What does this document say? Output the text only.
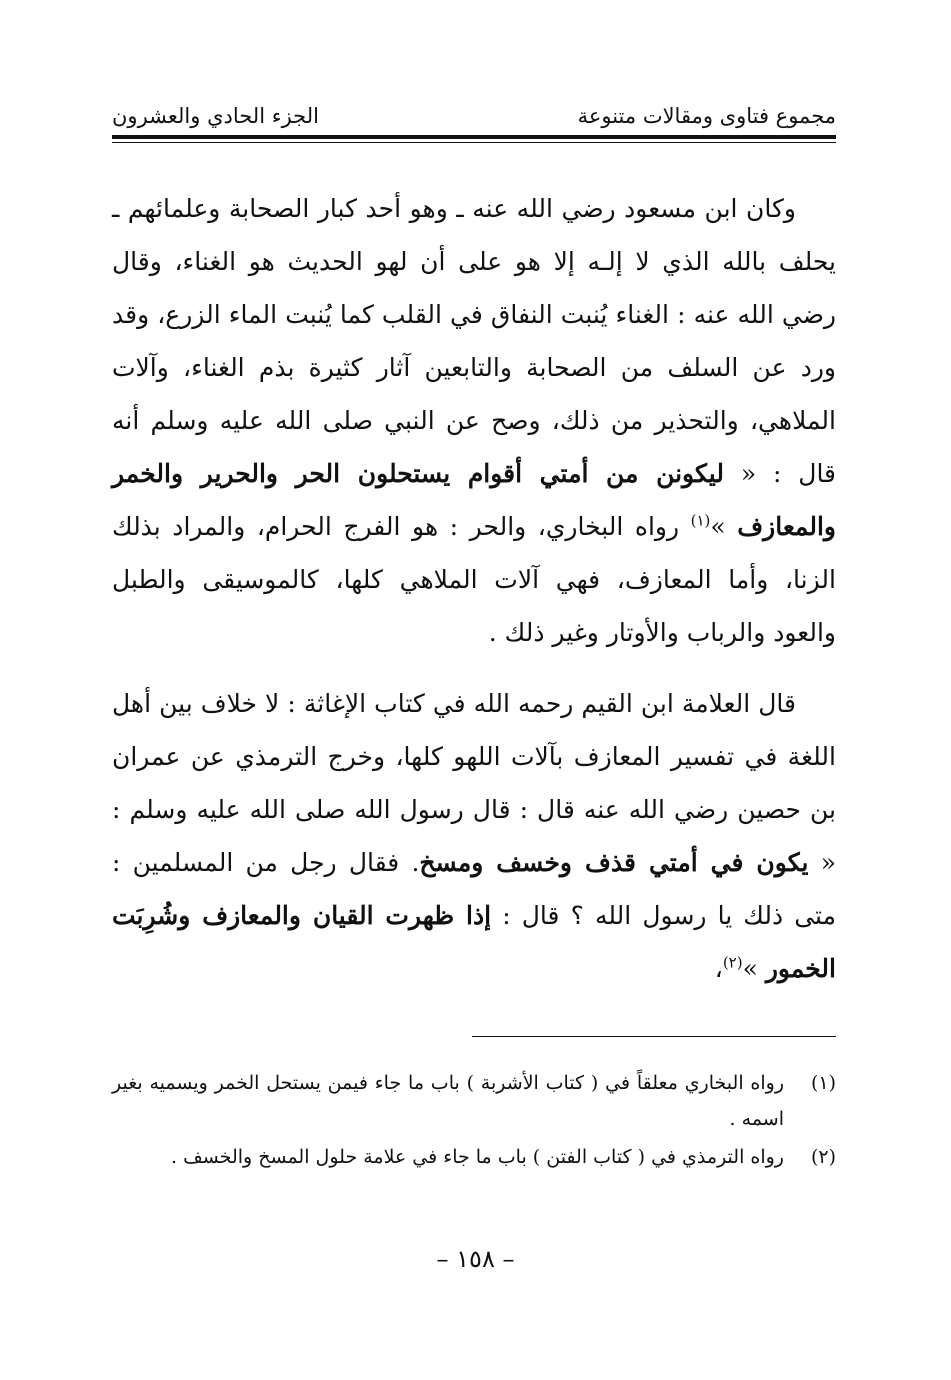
مجموع فتاوى ومقالات متنوعة
الجزء الحادي والعشرون

وكان ابن مسعود رضي الله عنه ـ وهو أحد كبار الصحابة وعلمائهم ـ يحلف بالله الذي لا إلـه إلا هو على أن لهو الحديث هو الغناء، وقال رضي الله عنه : الغناء يُنبت النفاق في القلب كما يُنبت الماء الزرع، وقد ورد عن السلف من الصحابة والتابعين آثار كثيرة بذم الغناء، وآلات الملاهي، والتحذير من ذلك، وصح عن النبي صلى الله عليه وسلم أنه قال : « ليكونن من أمتي أقوام يستحلون الحر والحرير والخمر والمعازف »$^{(١)}$ رواه البخاري، والحر : هو الفرج الحرام، والمراد بذلك الزنا، وأما المعازف، فهي آلات الملاهي كلها، كالموسيقى والطبل والعود والرباب والأوتار وغير ذلك .

قال العلامة ابن القيم رحمه الله في كتاب الإغاثة : لا خلاف بين أهل اللغة في تفسير المعازف بآلات اللهو كلها، وخرج الترمذي عن عمران بن حصين رضي الله عنه قال : قال رسول الله صلى الله عليه وسلم : « يكون في أمتي قذف وخسف ومسخ. فقال رجل من المسلمين : متى ذلك يا رسول الله ؟ قال : إذا ظهرت القيان والمعازف وشُرِبَت الخمور »$^{(٢)}$،

(١)
رواه البخاري معلقاً في ( كتاب الأشربة ) باب ما جاء فيمن يستحل الخمر ويسميه بغير اسمه .
(٢)
رواه الترمذي في ( كتاب الفتن ) باب ما جاء في علامة حلول المسخ والخسف .
– ١٥٨ –
